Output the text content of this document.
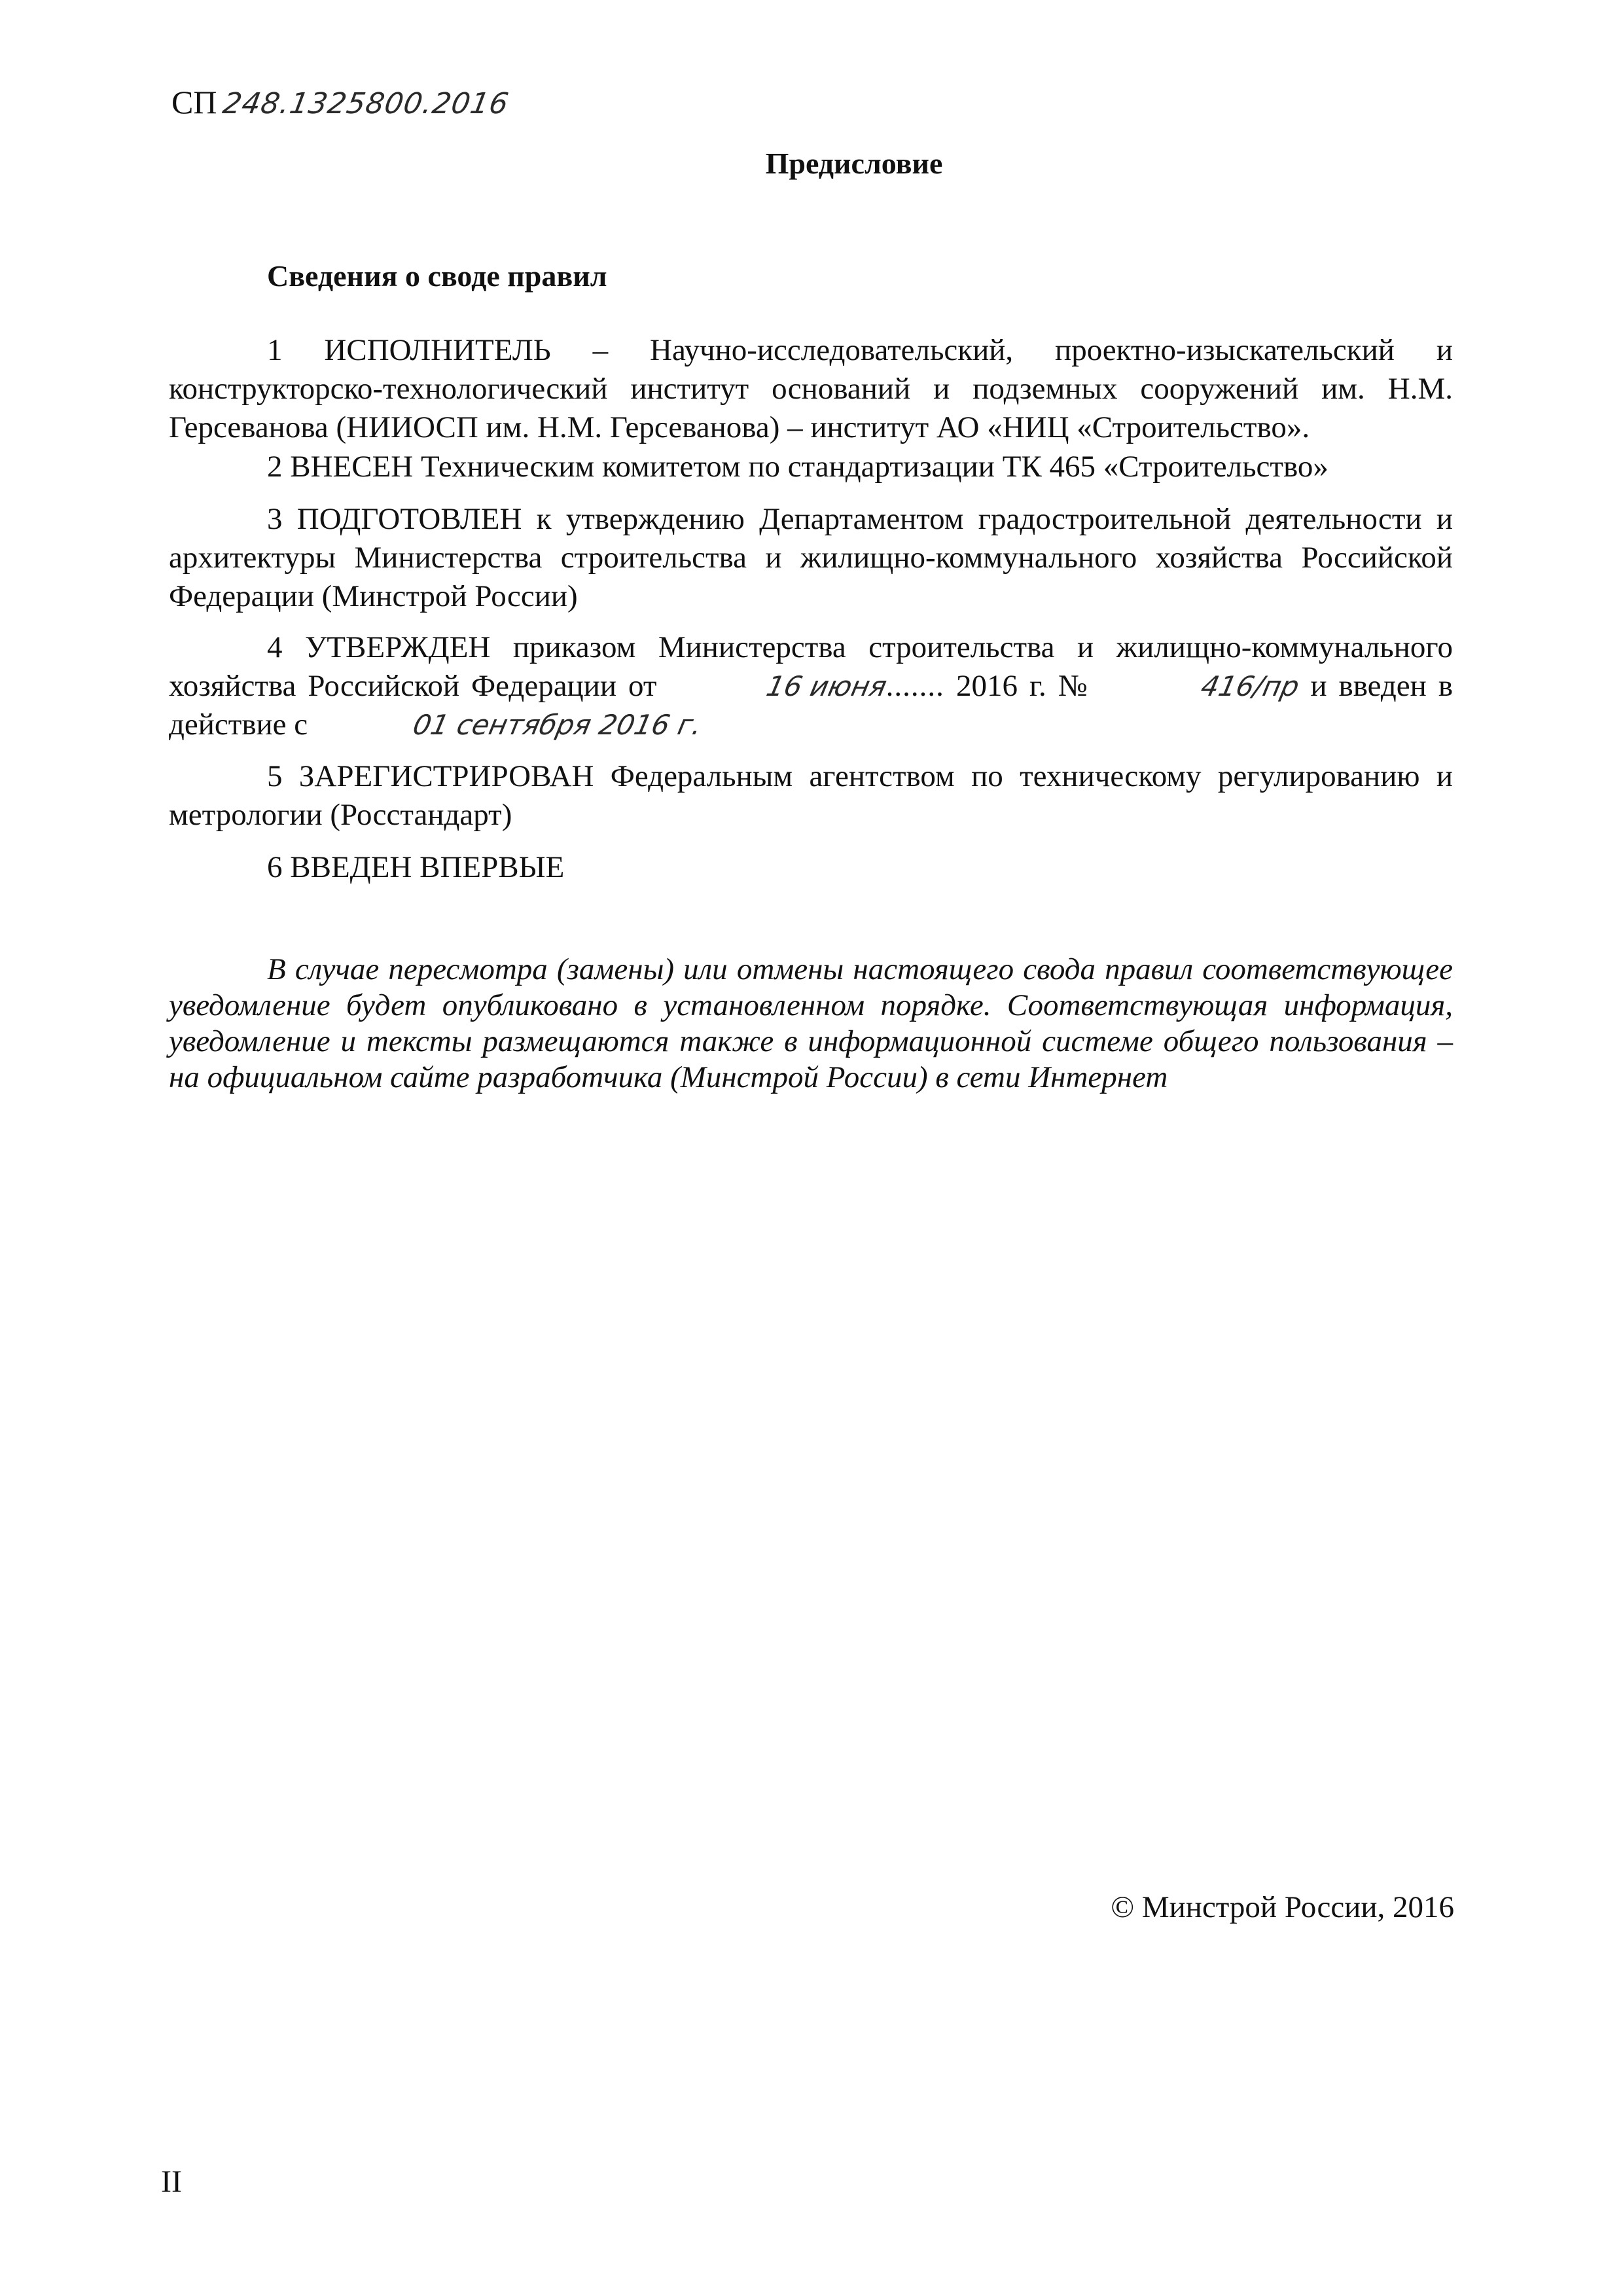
СП 248.1325800.2016
Предисловие
Сведения о своде правил

1 ИСПОЛНИТЕЛЬ – Научно-исследовательский, проектно-изыскательский и конструкторско-технологический институт оснований и подземных сооружений им. Н.М. Герсеванова (НИИОСП им. Н.М. Герсеванова) – институт АО «НИЦ «Строительство».

2 ВНЕСЕН Техническим комитетом по стандартизации ТК 465 «Строительство»

3 ПОДГОТОВЛЕН к утверждению Департаментом градостроительной деятельности и архитектуры Министерства строительства и жилищно-коммунального хозяйства Российской Федерации (Минстрой России)

4 УТВЕРЖДЕН приказом Министерства строительства и жилищно-коммунального хозяйства Российской Федерации от	16 июня....... 2016 г. №	416/пр и введен в действие с	01 сентября 2016 г.

5 ЗАРЕГИСТРИРОВАН Федеральным агентством по техническому регулированию и метрологии (Росстандарт)

6 ВВЕДЕН ВПЕРВЫЕ

В случае пересмотра (замены) или отмены настоящего свода правил соответствующее уведомление будет опубликовано в установленном порядке. Соответствующая информация, уведомление и тексты размещаются также в информационной системе общего пользования – на официальном сайте разработчика (Минстрой России) в сети Интернет

© Минстрой России, 2016
II
